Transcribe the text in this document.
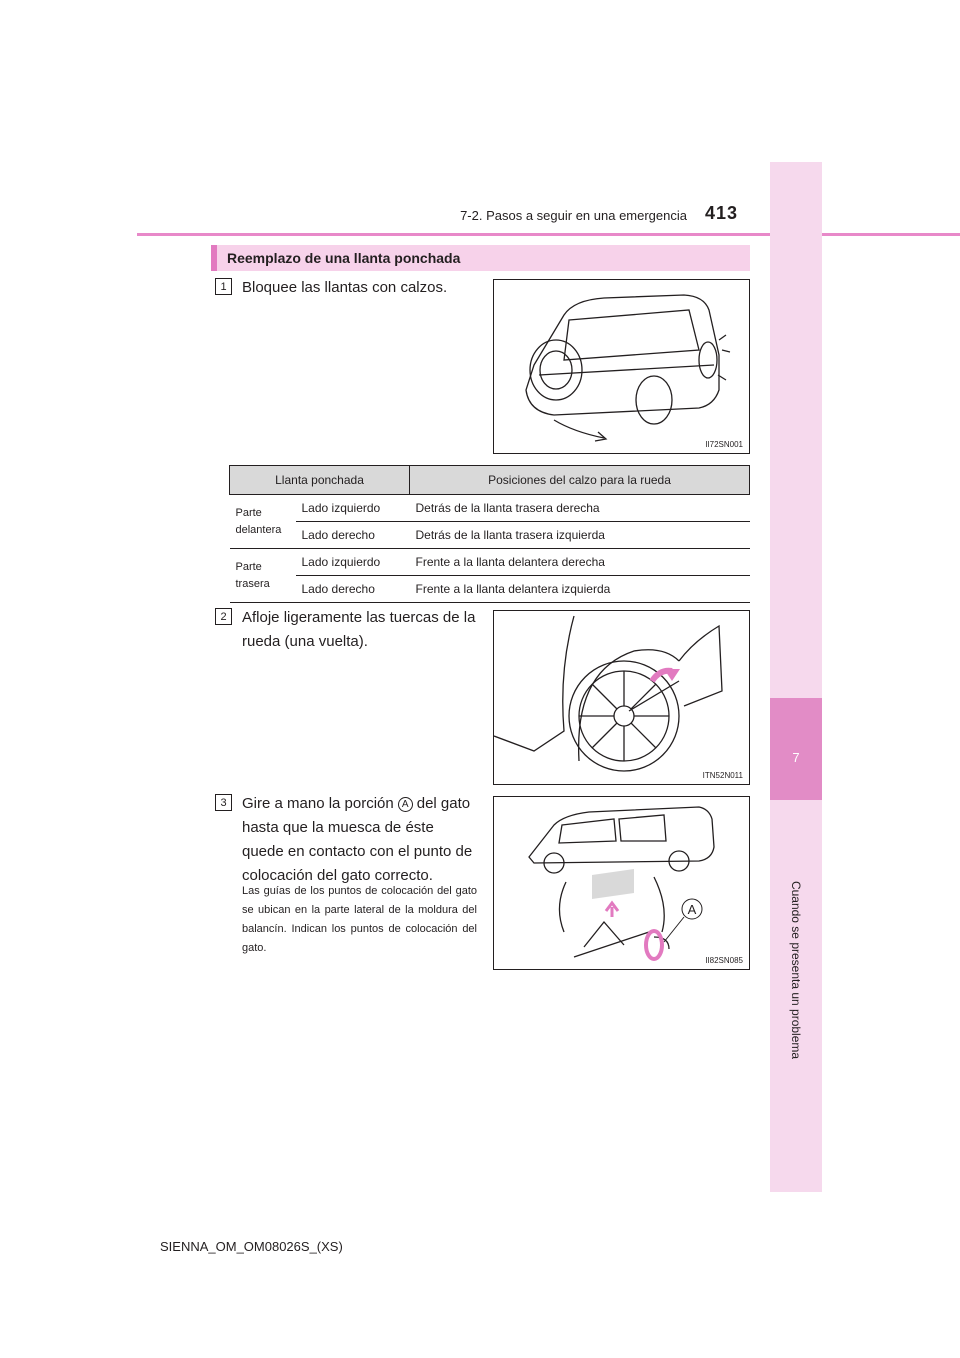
7-2. Pasos a seguir en una emergencia 413
7
Cuando se presenta un problema
Reemplazo de una llanta ponchada
1	Bloquee las llantas con calzos.
II72SN001
Llanta ponchada		Posiciones del calzo para la rueda
Parte
delantera	Lado izquierdo	Detrás de la llanta trasera derecha
	Lado derecho	Detrás de la llanta trasera izquierda
Parte
trasera	Lado izquierdo	Frente a la llanta delantera derecha
	Lado derecho	Frente a la llanta delantera izquierda
2	Afloje ligeramente las tuercas de la
rueda (una vuelta).
ITN52N011
3	Gire a mano la porción A del gato
hasta que la muesca de éste
quede en contacto con el punto de
colocación del gato correcto.
Las guías de los puntos de colocación del gato se ubican en la parte lateral de la moldura del balancín. Indican los puntos de colocación del gato.
A
II82SN085
SIENNA_OM_OM08026S_(XS)
